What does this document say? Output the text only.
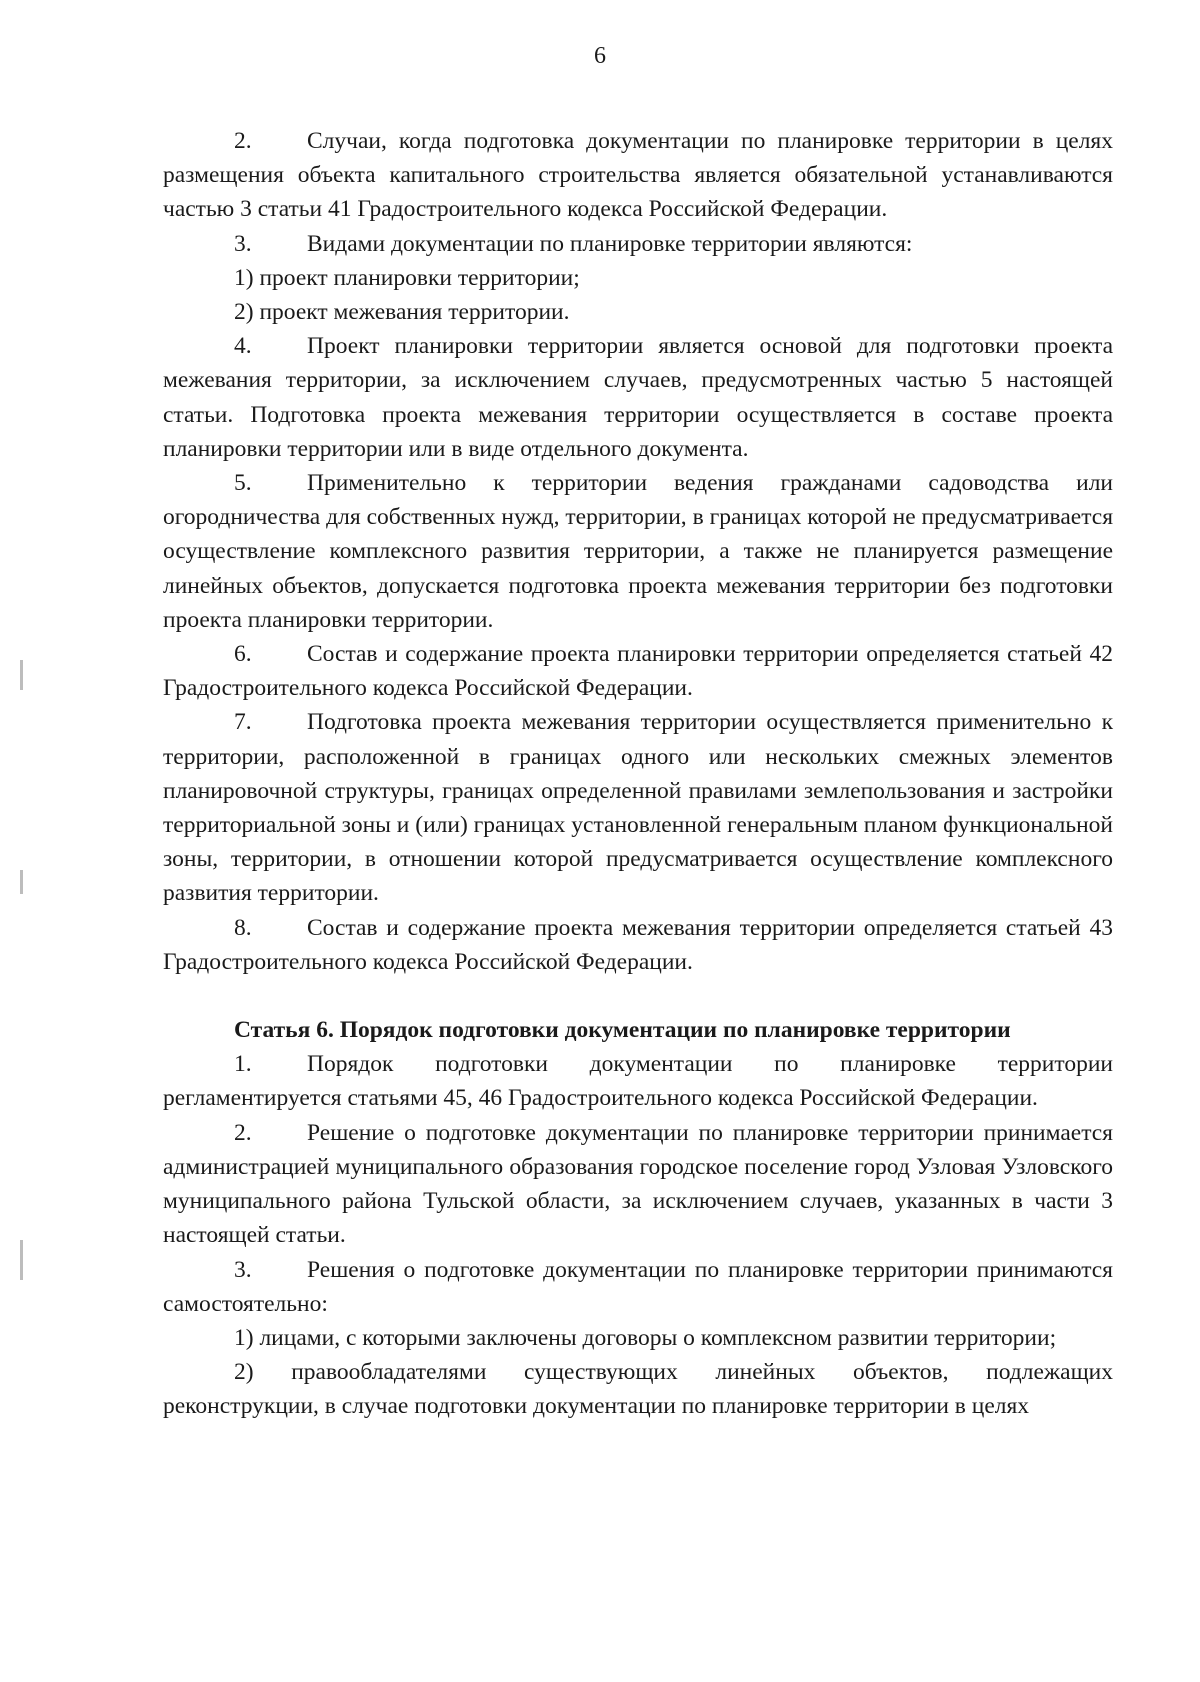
6

2. Случаи, когда подготовка документации по планировке территории в целях размещения объекта капитального строительства является обязательной устанавливаются частью 3 статьи 41 Градостроительного кодекса Российской Федерации.

3. Видами документации по планировке территории являются:

1) проект планировки территории;

2) проект межевания территории.

4. Проект планировки территории является основой для подготовки проекта межевания территории, за исключением случаев, предусмотренных частью 5 настоящей статьи. Подготовка проекта межевания территории осуществляется в составе проекта планировки территории или в виде отдельного документа.

5. Применительно к территории ведения гражданами садоводства или огородничества для собственных нужд, территории, в границах которой не предусматривается осуществление комплексного развития территории, а также не планируется размещение линейных объектов, допускается подготовка проекта межевания территории без подготовки проекта планировки территории.

6. Состав и содержание проекта планировки территории определяется статьей 42 Градостроительного кодекса Российской Федерации.

7. Подготовка проекта межевания территории осуществляется применительно к территории, расположенной в границах одного или нескольких смежных элементов планировочной структуры, границах определенной правилами землепользования и застройки территориальной зоны и (или) границах установленной генеральным планом функциональной зоны, территории, в отношении которой предусматривается осуществление комплексного развития территории.

8. Состав и содержание проекта межевания территории определяется статьей 43 Градостроительного кодекса Российской Федерации.

Статья 6. Порядок подготовки документации по планировке территории

1. Порядок подготовки документации по планировке территории регламентируется статьями 45, 46 Градостроительного кодекса Российской Федерации.

2. Решение о подготовке документации по планировке территории принимается администрацией муниципального образования городское поселение город Узловая Узловского муниципального района Тульской области, за исключением случаев, указанных в части 3 настоящей статьи.

3. Решения о подготовке документации по планировке территории принимаются самостоятельно:

1) лицами, с которыми заключены договоры о комплексном развитии территории;

2) правообладателями существующих линейных объектов, подлежащих реконструкции, в случае подготовки документации по планировке территории в целях
